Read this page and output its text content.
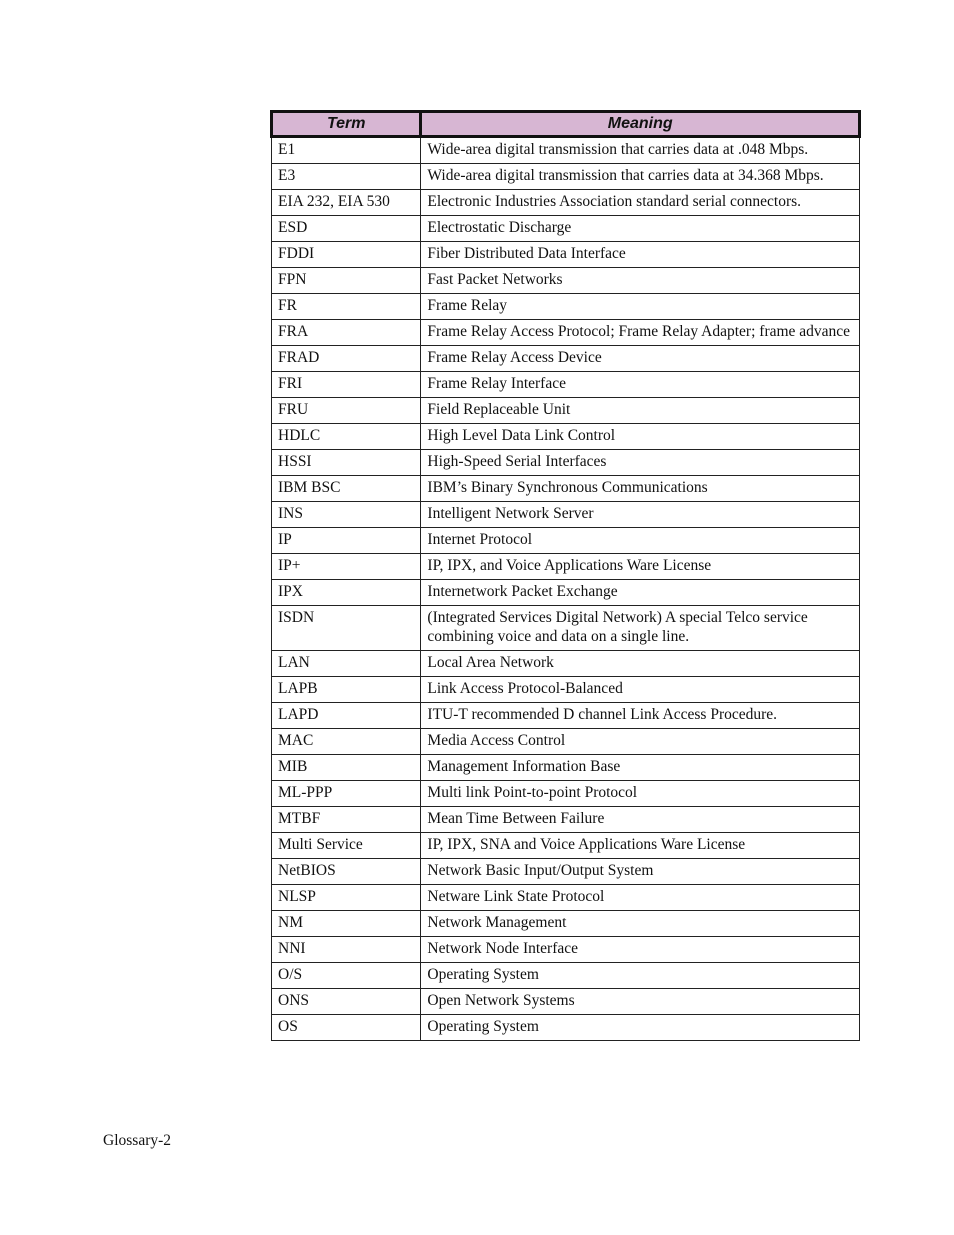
Term	Meaning
E1	Wide-area digital transmission that carries data at .048 Mbps.
E3	Wide-area digital transmission that carries data at 34.368 Mbps.
EIA 232, EIA 530	Electronic Industries Association standard serial connectors.
ESD	Electrostatic Discharge
FDDI	Fiber Distributed Data Interface
FPN	Fast Packet Networks
FR	Frame Relay
FRA	Frame Relay Access Protocol; Frame Relay Adapter; frame advance
FRAD	Frame Relay Access Device
FRI	Frame Relay Interface
FRU	Field Replaceable Unit
HDLC	High Level Data Link Control
HSSI	High-Speed Serial Interfaces
IBM BSC	IBM’s Binary Synchronous Communications
INS	Intelligent Network Server
IP	Internet Protocol
IP+	IP, IPX, and Voice Applications Ware License
IPX	Internetwork Packet Exchange
ISDN	(Integrated Services Digital Network) A special Telco service combining voice and data on a single line.
LAN	Local Area Network
LAPB	Link Access Protocol-Balanced
LAPD	ITU-T recommended D channel Link Access Procedure.
MAC	Media Access Control
MIB	Management Information Base
ML-PPP	Multi link Point-to-point Protocol
MTBF	Mean Time Between Failure
Multi Service	IP, IPX, SNA and Voice Applications Ware License
NetBIOS	Network Basic Input/Output System
NLSP	Netware Link State Protocol
NM	Network Management
NNI	Network Node Interface
O/S	Operating System
ONS	Open Network Systems
OS	Operating System
Glossary-2
